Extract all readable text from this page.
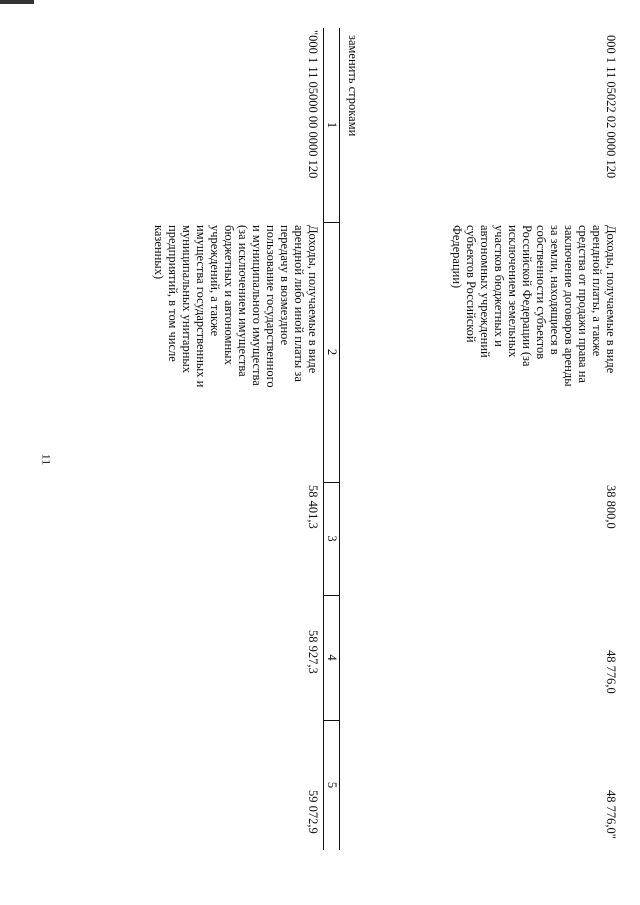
11
000 1 11 05022 02 0000 120
Доходы, получаемые в виде арендной платы, а также средства от продажи права на заключение договоров аренды за земли, находящиеся в собственности субъектов Российской Федерации (за исключением земельных участков бюджетных и автономных учреждений субъектов Российской Федерации)
38 800,0
48 776,0
48 776,0"
заменить строками
1
2
3
4
5
"000 1 11 05000 00 0000 120
Доходы, получаемые в виде арендной либо иной платы за передачу в возмездное пользование государственного и муниципального имущества (за исключением имущества бюджетных и автономных учреждений, а также имущества государственных и муниципальных унитарных предприятий, в том числе казенных)
58 401,3
58 927,3
59 072,9
